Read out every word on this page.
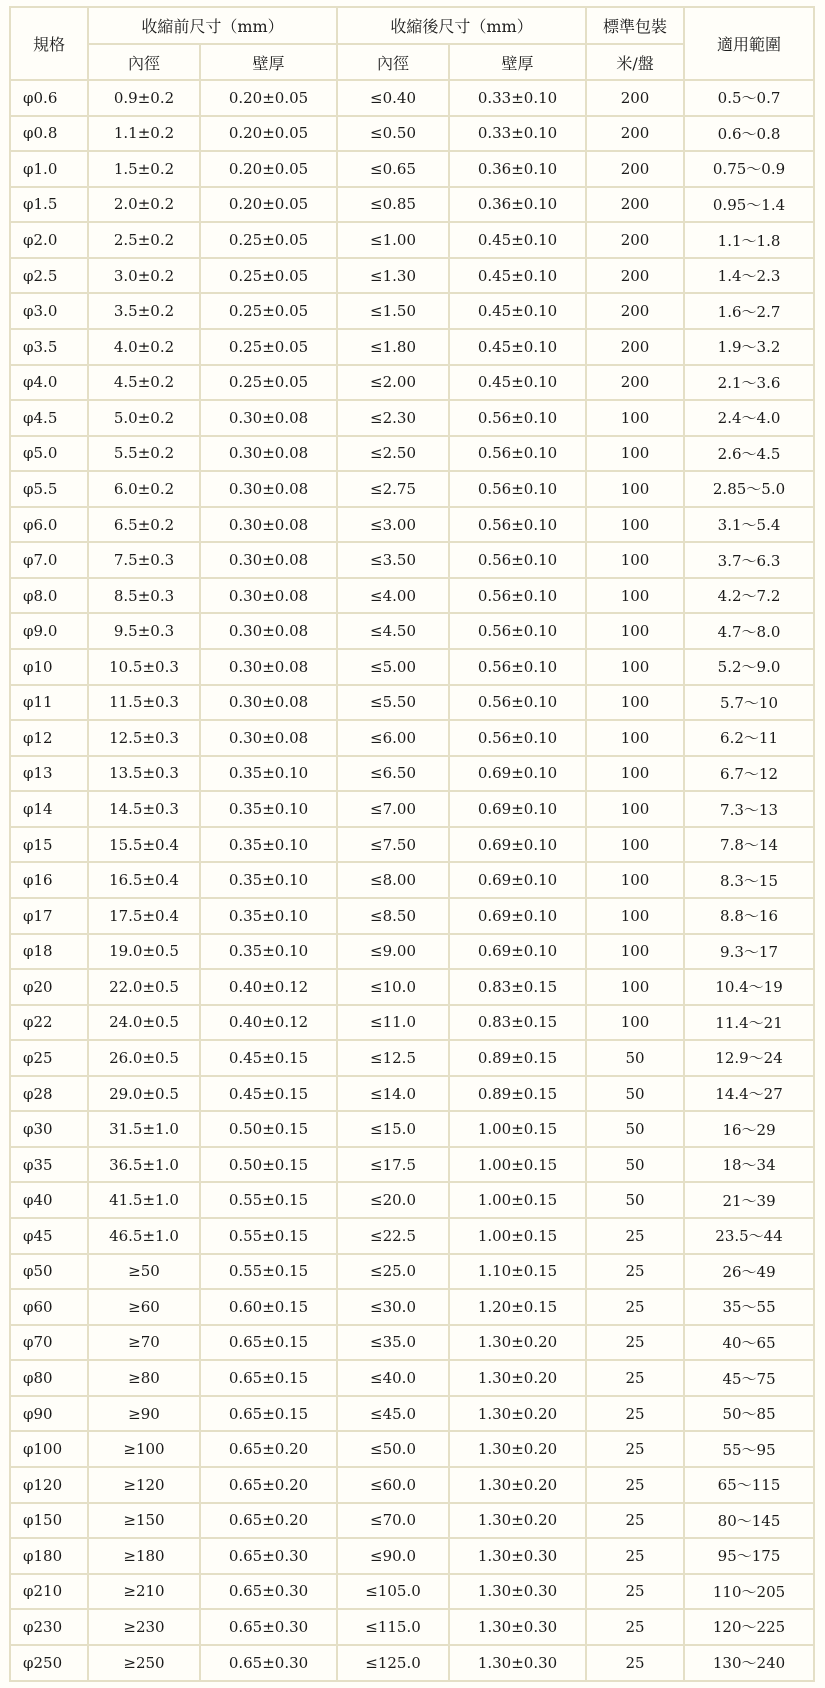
規格	收縮前尺寸（mm）		收縮後尺寸（mm）		標準包裝	適用範圍
	內徑	壁厚	內徑	壁厚	米/盤	
φ0.6	0.9±0.2	0.20±0.05	≤0.40	0.33±0.10	200	0.5～0.7
φ0.8	1.1±0.2	0.20±0.05	≤0.50	0.33±0.10	200	0.6～0.8
φ1.0	1.5±0.2	0.20±0.05	≤0.65	0.36±0.10	200	0.75～0.9
φ1.5	2.0±0.2	0.20±0.05	≤0.85	0.36±0.10	200	0.95～1.4
φ2.0	2.5±0.2	0.25±0.05	≤1.00	0.45±0.10	200	1.1～1.8
φ2.5	3.0±0.2	0.25±0.05	≤1.30	0.45±0.10	200	1.4～2.3
φ3.0	3.5±0.2	0.25±0.05	≤1.50	0.45±0.10	200	1.6～2.7
φ3.5	4.0±0.2	0.25±0.05	≤1.80	0.45±0.10	200	1.9～3.2
φ4.0	4.5±0.2	0.25±0.05	≤2.00	0.45±0.10	200	2.1～3.6
φ4.5	5.0±0.2	0.30±0.08	≤2.30	0.56±0.10	100	2.4～4.0
φ5.0	5.5±0.2	0.30±0.08	≤2.50	0.56±0.10	100	2.6～4.5
φ5.5	6.0±0.2	0.30±0.08	≤2.75	0.56±0.10	100	2.85～5.0
φ6.0	6.5±0.2	0.30±0.08	≤3.00	0.56±0.10	100	3.1～5.4
φ7.0	7.5±0.3	0.30±0.08	≤3.50	0.56±0.10	100	3.7～6.3
φ8.0	8.5±0.3	0.30±0.08	≤4.00	0.56±0.10	100	4.2～7.2
φ9.0	9.5±0.3	0.30±0.08	≤4.50	0.56±0.10	100	4.7～8.0
φ10	10.5±0.3	0.30±0.08	≤5.00	0.56±0.10	100	5.2～9.0
φ11	11.5±0.3	0.30±0.08	≤5.50	0.56±0.10	100	5.7～10
φ12	12.5±0.3	0.30±0.08	≤6.00	0.56±0.10	100	6.2～11
φ13	13.5±0.3	0.35±0.10	≤6.50	0.69±0.10	100	6.7～12
φ14	14.5±0.3	0.35±0.10	≤7.00	0.69±0.10	100	7.3～13
φ15	15.5±0.4	0.35±0.10	≤7.50	0.69±0.10	100	7.8～14
φ16	16.5±0.4	0.35±0.10	≤8.00	0.69±0.10	100	8.3～15
φ17	17.5±0.4	0.35±0.10	≤8.50	0.69±0.10	100	8.8～16
φ18	19.0±0.5	0.35±0.10	≤9.00	0.69±0.10	100	9.3～17
φ20	22.0±0.5	0.40±0.12	≤10.0	0.83±0.15	100	10.4～19
φ22	24.0±0.5	0.40±0.12	≤11.0	0.83±0.15	100	11.4～21
φ25	26.0±0.5	0.45±0.15	≤12.5	0.89±0.15	50	12.9～24
φ28	29.0±0.5	0.45±0.15	≤14.0	0.89±0.15	50	14.4～27
φ30	31.5±1.0	0.50±0.15	≤15.0	1.00±0.15	50	16～29
φ35	36.5±1.0	0.50±0.15	≤17.5	1.00±0.15	50	18～34
φ40	41.5±1.0	0.55±0.15	≤20.0	1.00±0.15	50	21～39
φ45	46.5±1.0	0.55±0.15	≤22.5	1.00±0.15	25	23.5～44
φ50	≥50	0.55±0.15	≤25.0	1.10±0.15	25	26～49
φ60	≥60	0.60±0.15	≤30.0	1.20±0.15	25	35～55
φ70	≥70	0.65±0.15	≤35.0	1.30±0.20	25	40～65
φ80	≥80	0.65±0.15	≤40.0	1.30±0.20	25	45～75
φ90	≥90	0.65±0.15	≤45.0	1.30±0.20	25	50～85
φ100	≥100	0.65±0.20	≤50.0	1.30±0.20	25	55～95
φ120	≥120	0.65±0.20	≤60.0	1.30±0.20	25	65～115
φ150	≥150	0.65±0.20	≤70.0	1.30±0.20	25	80～145
φ180	≥180	0.65±0.30	≤90.0	1.30±0.30	25	95～175
φ210	≥210	0.65±0.30	≤105.0	1.30±0.30	25	110～205
φ230	≥230	0.65±0.30	≤115.0	1.30±0.30	25	120～225
φ250	≥250	0.65±0.30	≤125.0	1.30±0.30	25	130～240
